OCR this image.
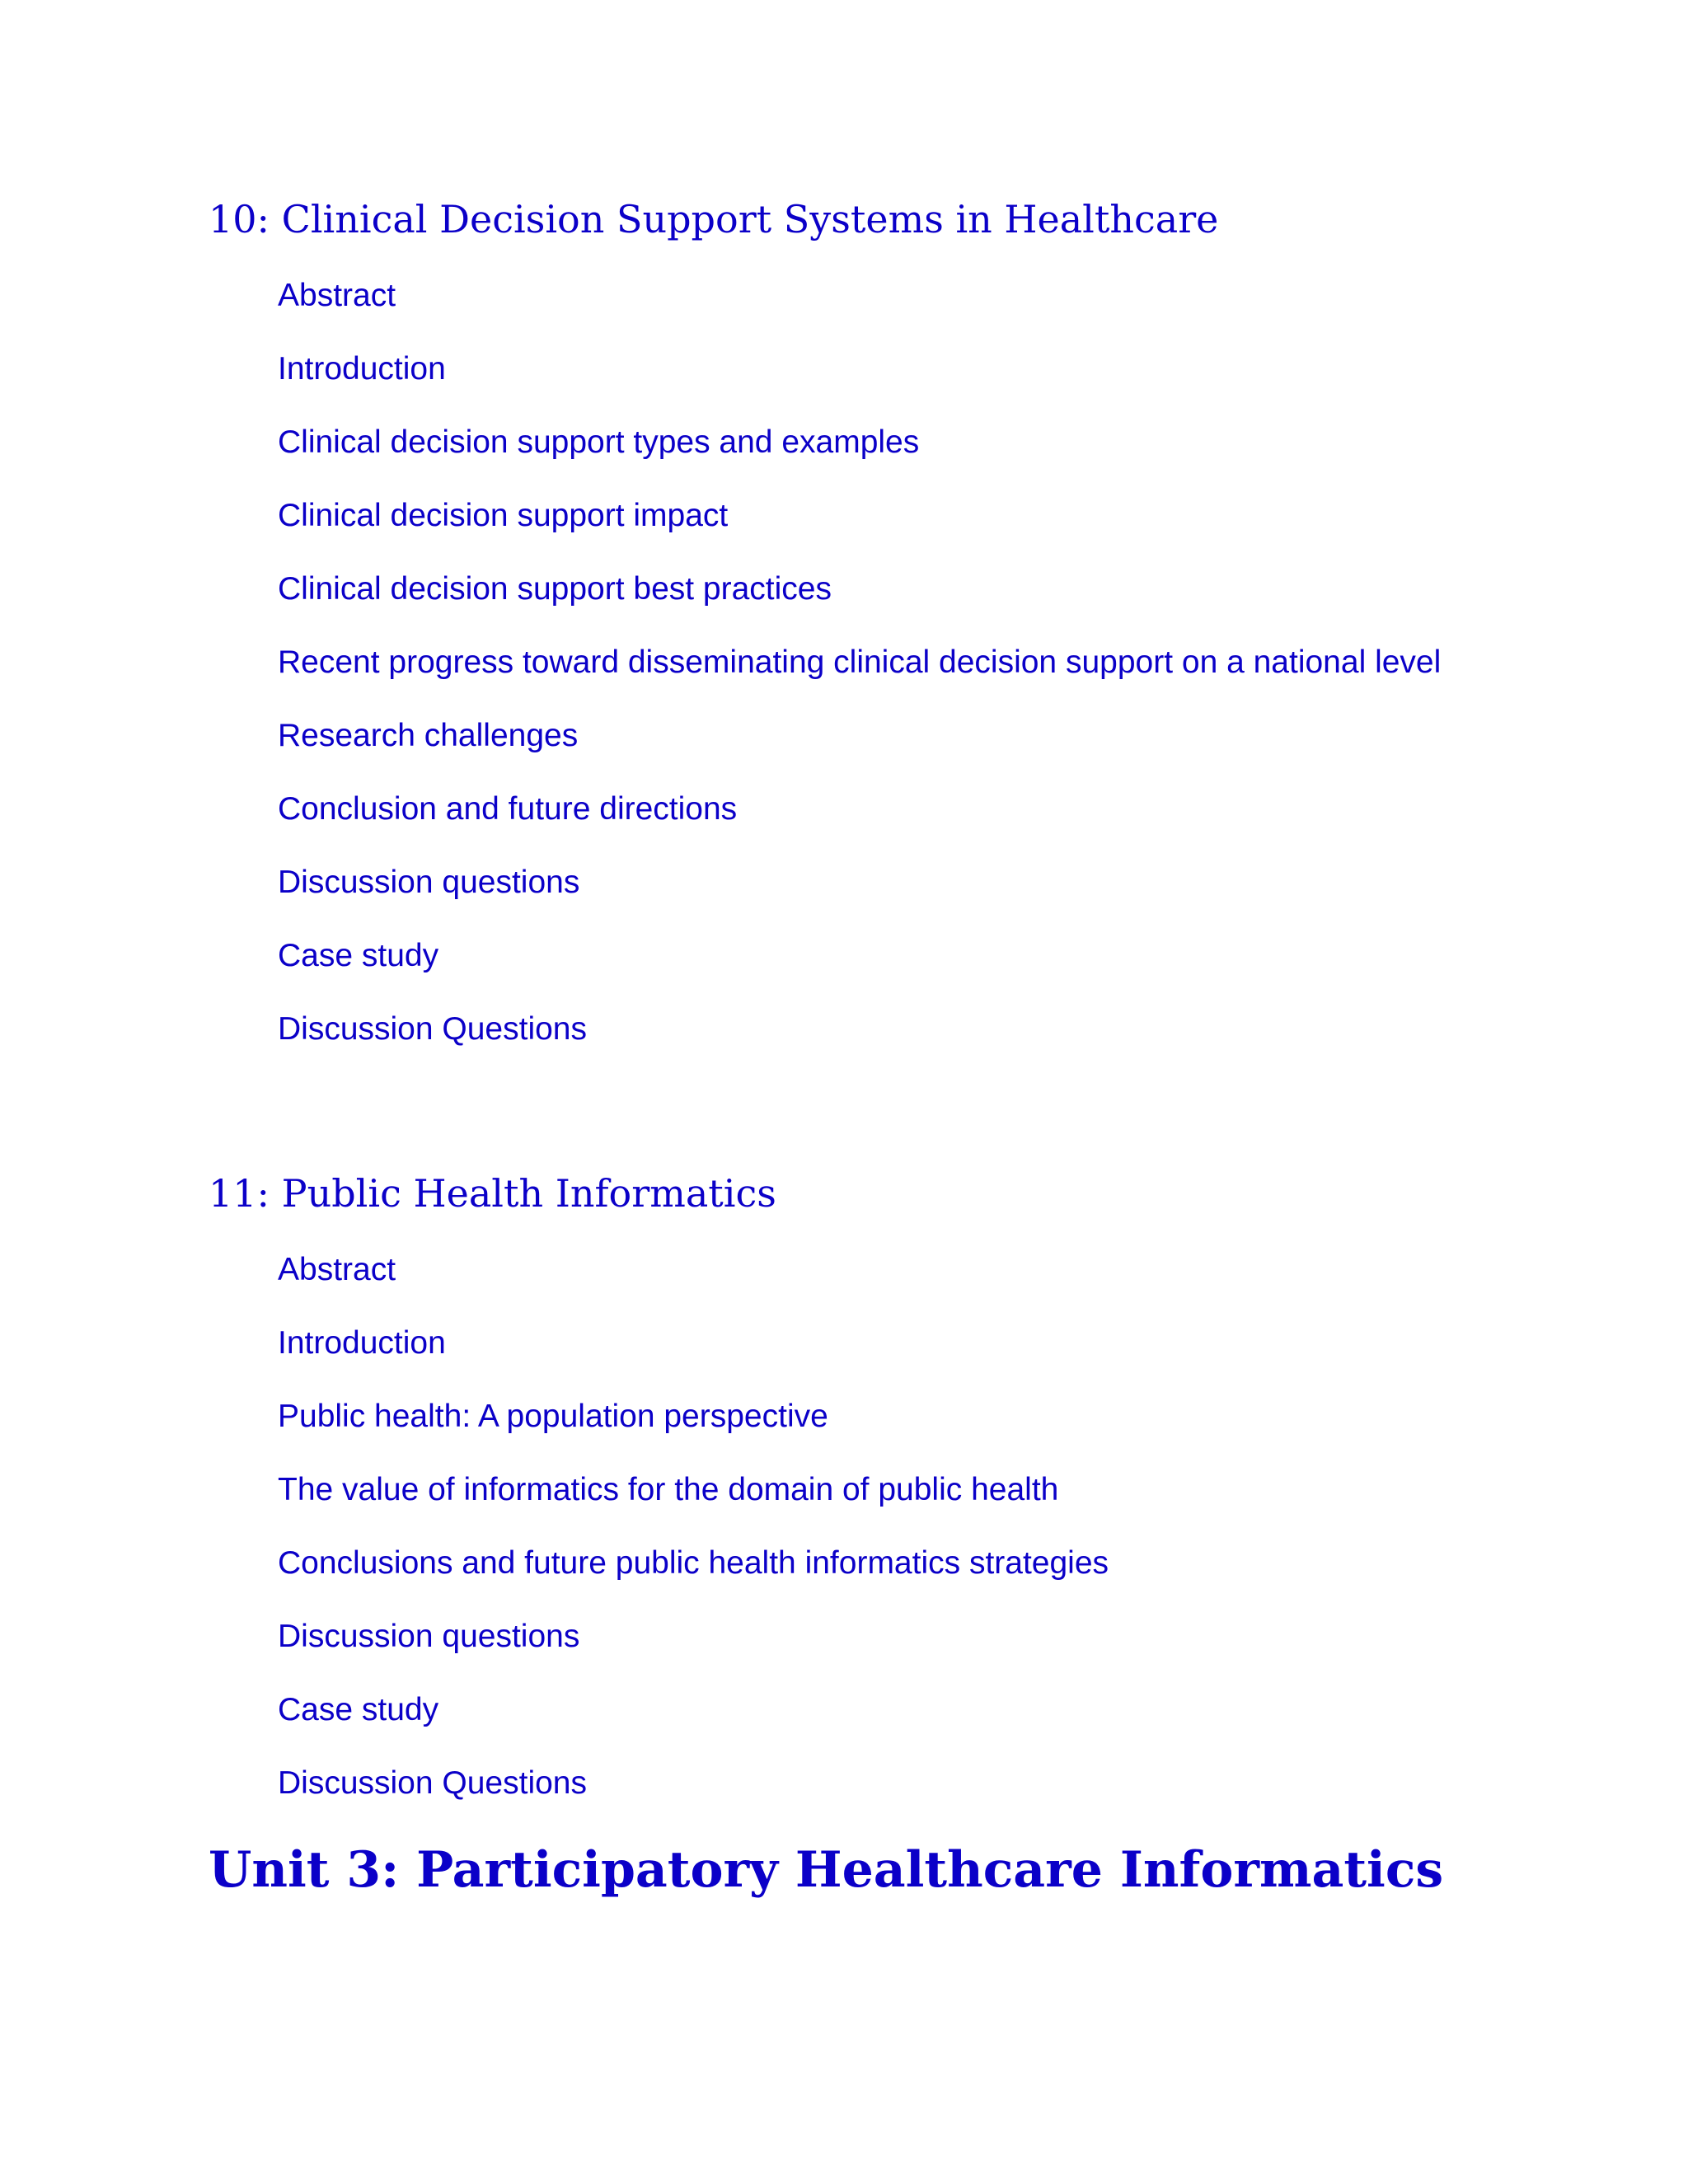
10: Clinical Decision Support Systems in Healthcare
Abstract
Introduction
Clinical decision support types and examples
Clinical decision support impact
Clinical decision support best practices
Recent progress toward disseminating clinical decision support on a national level
Research challenges
Conclusion and future directions
Discussion questions
Case study
Discussion Questions
11: Public Health Informatics
Abstract
Introduction
Public health: A population perspective
The value of informatics for the domain of public health
Conclusions and future public health informatics strategies
Discussion questions
Case study
Discussion Questions
Unit 3: Participatory Healthcare Informatics
